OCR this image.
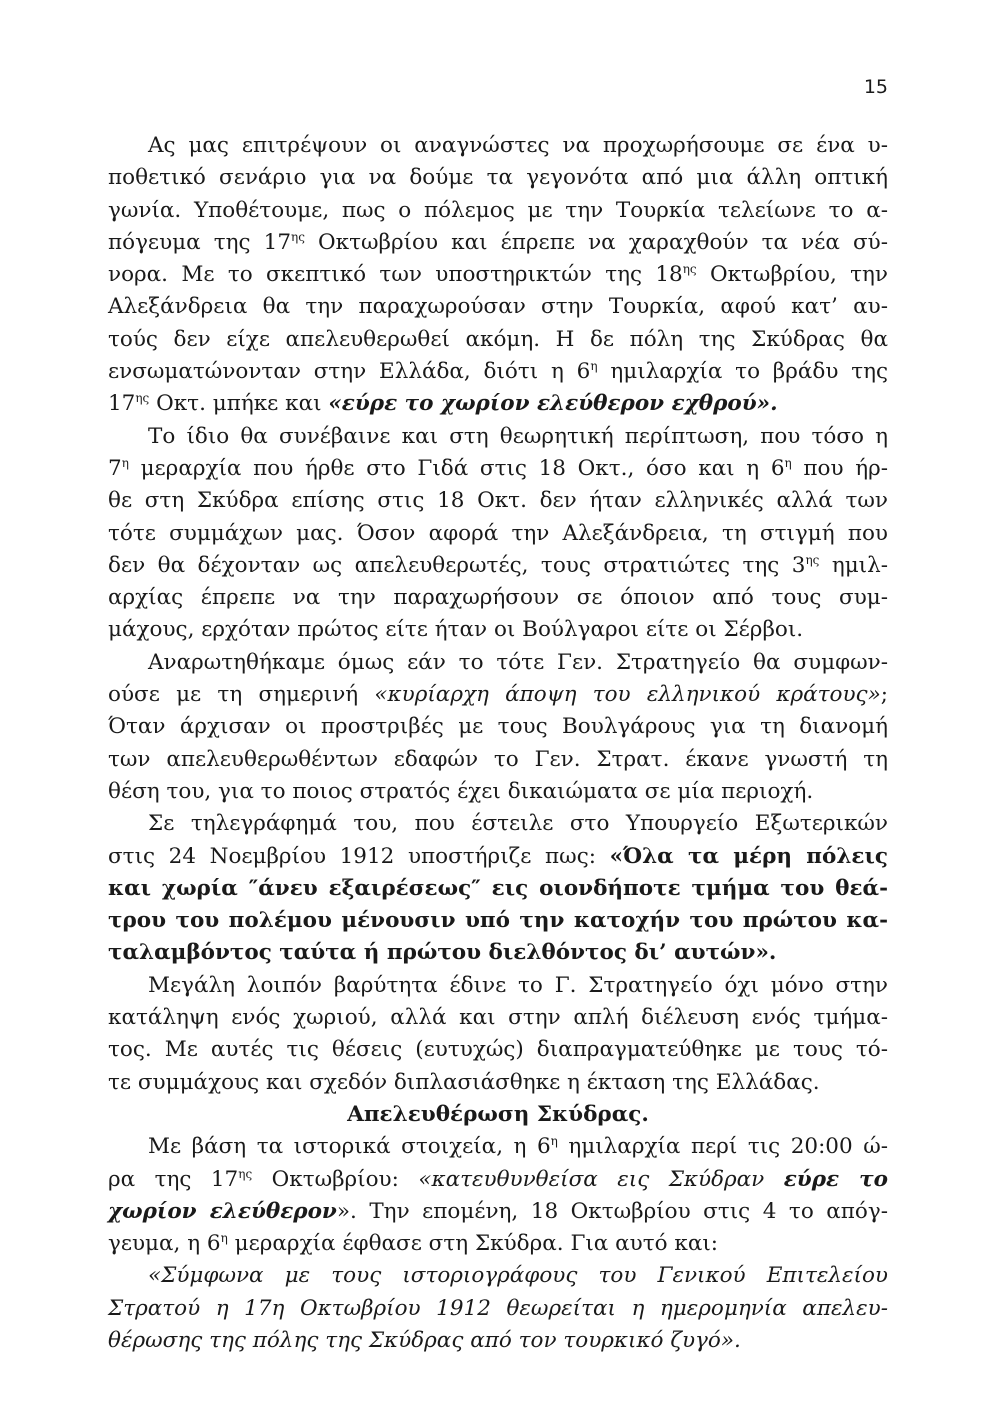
15
Ας μας επιτρέψουν οι αναγνώστες να προχωρήσουμε σε ένα υ-
ποθετικό σενάριο για να δούμε τα γεγονότα από μια άλλη οπτική
γωνία. Υποθέτουμε, πως ο πόλεμος με την Τουρκία τελείωνε το α-
πόγευμα της $17^{\eta\varsigma}$ Οκτωβρίου και έπρεπε να χαραχθούν τα νέα σύ-
νορα. Με το σκεπτικό των υποστηρικτών της $18^{\eta\varsigma}$ Οκτωβρίου, την
Αλεξάνδρεια θα την παραχωρούσαν στην Τουρκία, αφού κατ’ αυ-
τούς δεν είχε απελευθερωθεί ακόμη. Η δε πόλη της Σκύδρας θα
ενσωματώνονταν στην Ελλάδα, διότι η $6^\eta$ ημιλαρχία το βράδυ της
$17^{\eta\varsigma}$ Οκτ. μπήκε και «εύρε το χωρίον ελεύθερον εχθρού».
Το ίδιο θα συνέβαινε και στη θεωρητική περίπτωση, που τόσο η
$7^\eta$ μεραρχία που ήρθε στο Γιδά στις 18 Οκτ., όσο και η $6^\eta$ που ήρ-
θε στη Σκύδρα επίσης στις 18 Οκτ. δεν ήταν ελληνικές αλλά των
τότε συμμάχων μας. Όσον αφορά την Αλεξάνδρεια, τη στιγμή που
δεν θα δέχονταν ως απελευθερωτές, τους στρατιώτες της $3^{\eta\varsigma}$ ημιλ-
αρχίας έπρεπε να την παραχωρήσουν σε όποιον από τους συμ-
μάχους, ερχόταν πρώτος είτε ήταν οι Βούλγαροι είτε οι Σέρβοι.
Αναρωτηθήκαμε όμως εάν το τότε Γεν. Στρατηγείο θα συμφων-
ούσε με τη σημερινή «κυρίαρχη άποψη του ελληνικού κράτους»;
Όταν άρχισαν οι προστριβές με τους Βουλγάρους για τη διανομή
των απελευθερωθέντων εδαφών το Γεν. Στρατ. έκανε γνωστή τη
θέση του, για το ποιος στρατός έχει δικαιώματα σε μία περιοχή.
Σε τηλεγράφημά του, που έστειλε στο Υπουργείο Εξωτερικών
στις 24 Νοεμβρίου 1912 υποστήριζε πως: «Όλα τα μέρη πόλεις
και χωρία ″άνευ εξαιρέσεως″ εις οιονδήποτε τμήμα του θεά-
τρου του πολέμου μένουσιν υπό την κατοχήν του πρώτου κα-
ταλαμβόντος ταύτα ή πρώτου διελθόντος δι’ αυτών».
Μεγάλη λοιπόν βαρύτητα έδινε το Γ. Στρατηγείο όχι μόνο στην
κατάληψη ενός χωριού, αλλά και στην απλή διέλευση ενός τμήμα-
τος. Με αυτές τις θέσεις (ευτυχώς) διαπραγματεύθηκε με τους τό-
τε συμμάχους και σχεδόν διπλασιάσθηκε η έκταση της Ελλάδας.
Απελευθέρωση Σκύδρας.
Με βάση τα ιστορικά στοιχεία, η $6^\eta$ ημιλαρχία περί τις 20:00 ώ-
ρα της $17^{\eta\varsigma}$ Οκτωβρίου: «κατευθυνθείσα εις Σκύδραν εύρε το
χωρίον ελεύθερον». Την επομένη, 18 Οκτωβρίου στις 4 το απόγ-
γευμα, η $6^\eta$ μεραρχία έφθασε στη Σκύδρα. Για αυτό και:
«Σύμφωνα με τους ιστοριογράφους του Γενικού Επιτελείου
Στρατού η 17η Οκτωβρίου 1912 θεωρείται η ημερομηνία απελευ-
θέρωσης της πόλης της Σκύδρας από τον τουρκικό ζυγό».
